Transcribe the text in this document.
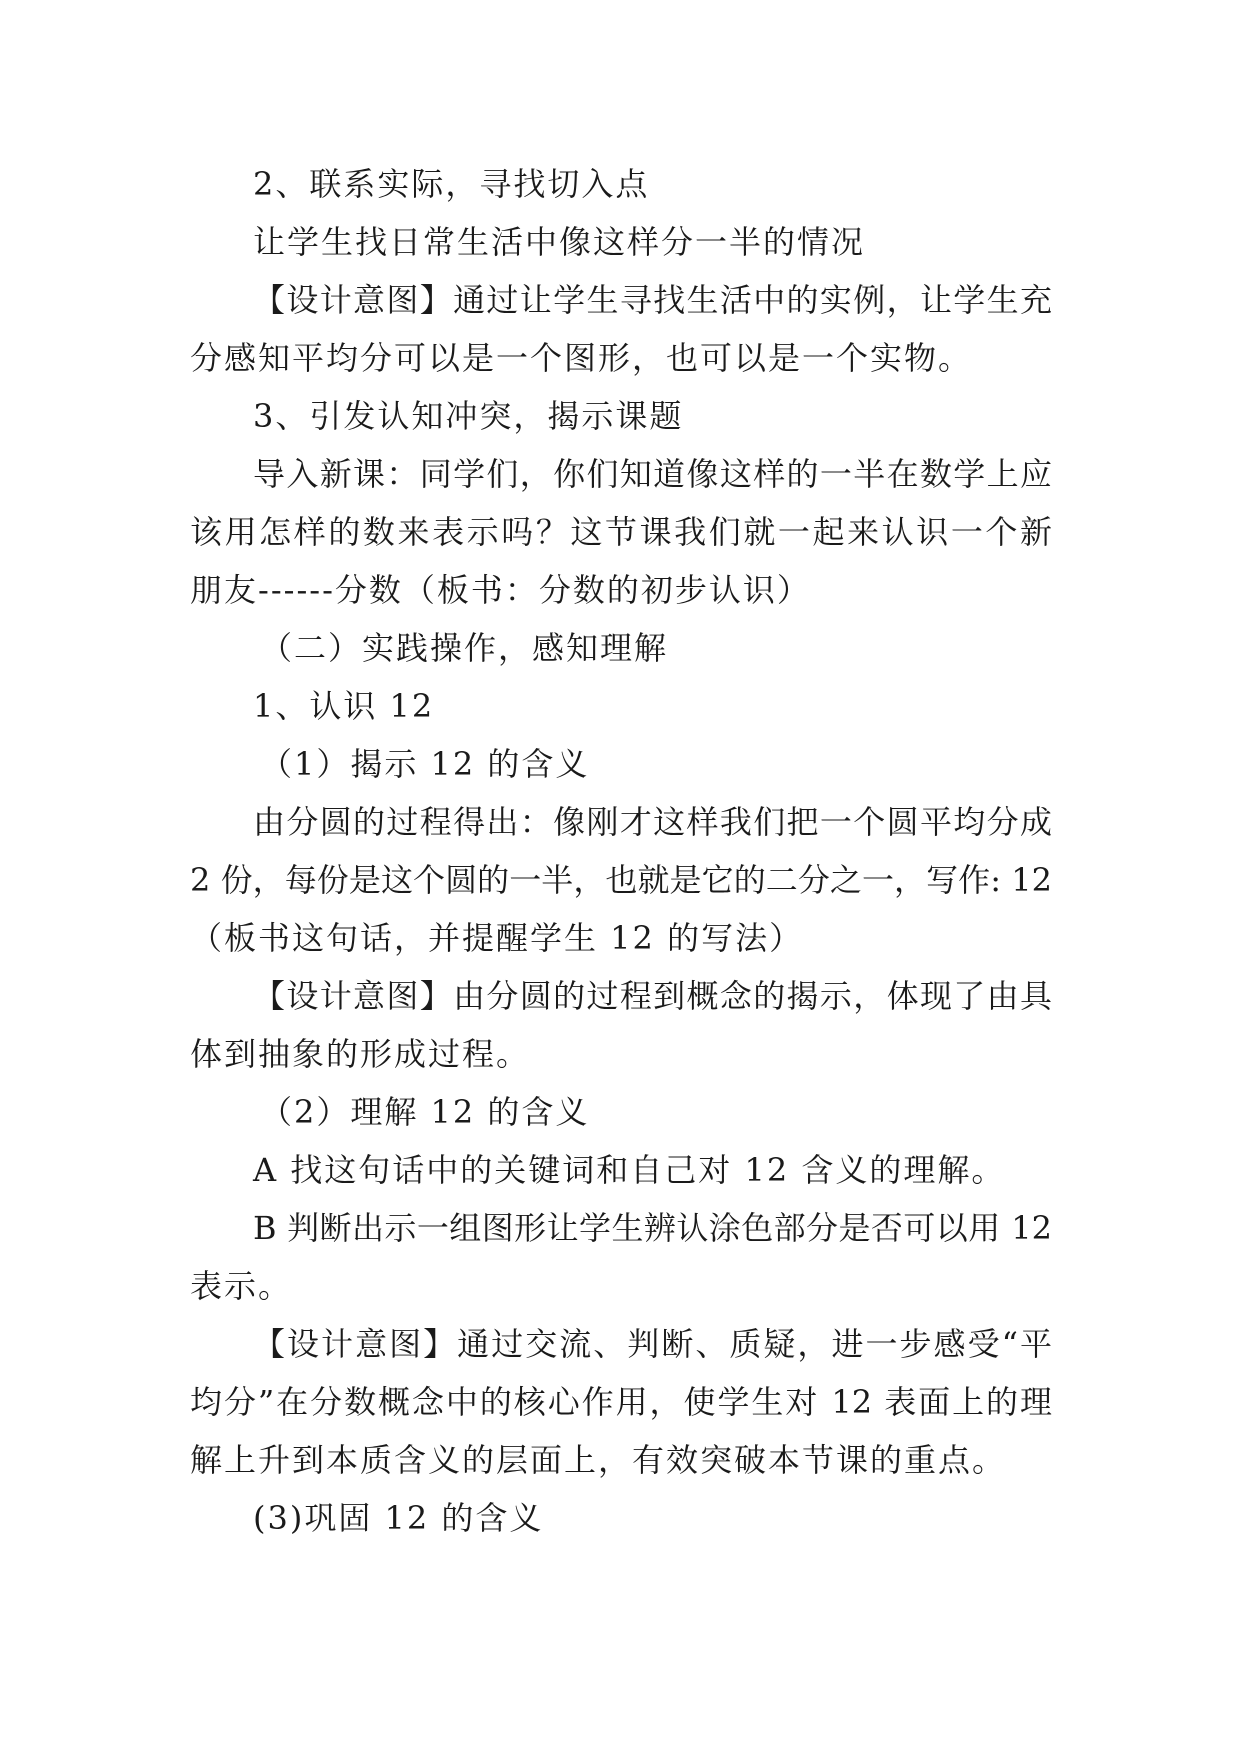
2、联系实际，寻找切入点
让学生找日常生活中像这样分一半的情况
【设计意图】通过让学生寻找生活中的实例，让学生充
分感知平均分可以是一个图形，也可以是一个实物。
3、引发认知冲突，揭示课题
导入新课：同学们，你们知道像这样的一半在数学上应
该用怎样的数来表示吗？这节课我们就一起来认识一个新
朋友------分数（板书：分数的初步认识）
（二）实践操作，感知理解
1、认识 12
（1）揭示 12 的含义
由分圆的过程得出：像刚才这样我们把一个圆平均分成
2 份，每份是这个圆的一半，也就是它的二分之一，写作: 12
（板书这句话，并提醒学生 12 的写法）
【设计意图】由分圆的过程到概念的揭示，体现了由具
体到抽象的形成过程。
（2）理解 12 的含义
A 找这句话中的关键词和自己对 12 含义的理解。
B 判断出示一组图形让学生辨认涂色部分是否可以用 12
表示。
【设计意图】通过交流、判断、质疑，进一步感受“平
均分”在分数概念中的核心作用，使学生对 12 表面上的理
解上升到本质含义的层面上，有效突破本节课的重点。
(3)巩固 12 的含义
